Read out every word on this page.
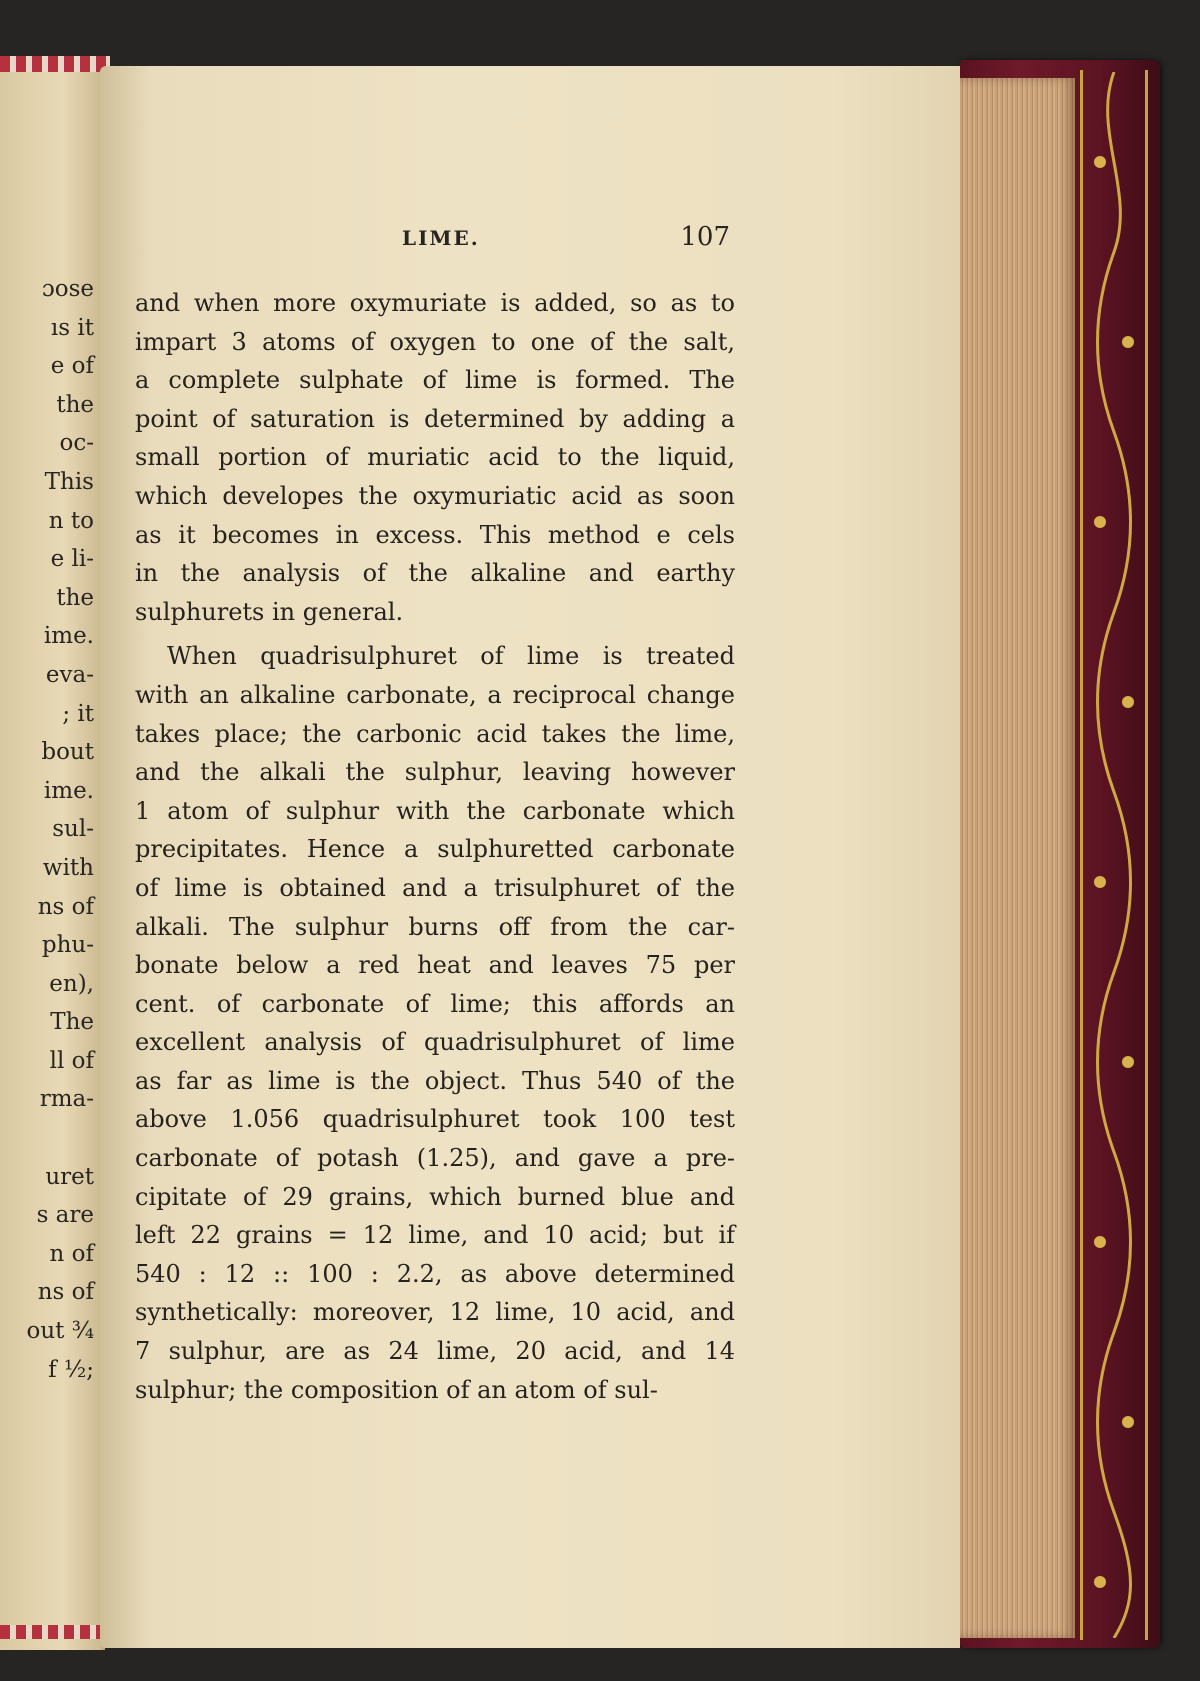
ɔose
ıs it
e of
the
oc-
This
n to
e li-
the
ime.
eva-
; it
bout
ime.
sul-
with
ns of
phu-
en),
The
ll of
rma-
uret
s are
n of
ns of
out ¾
f ½;
LIME.	107
and when more oxymuriate is added, so as to
impart 3 atoms of oxygen to one of the salt,
a complete sulphate of lime is formed. The
point of saturation is determined by adding a
small portion of muriatic acid to the liquid,
which developes the oxymuriatic acid as soon
as it becomes in excess. This method e cels
in the analysis of the alkaline and earthy
sulphurets in general.
When quadrisulphuret of lime is treated
with an alkaline carbonate, a reciprocal change
takes place; the carbonic acid takes the lime,
and the alkali the sulphur, leaving however
1 atom of sulphur with the carbonate which
precipitates. Hence a sulphuretted carbonate
of lime is obtained and a trisulphuret of the
alkali. The sulphur burns off from the car-
bonate below a red heat and leaves 75 per
cent. of carbonate of lime; this affords an
excellent analysis of quadrisulphuret of lime
as far as lime is the object. Thus 540 of the
above 1.056 quadrisulphuret took 100 test
carbonate of potash (1.25), and gave a pre-
cipitate of 29 grains, which burned blue and
left 22 grains = 12 lime, and 10 acid; but if
540 : 12 :: 100 : 2.2, as above determined
synthetically: moreover, 12 lime, 10 acid, and
7 sulphur, are as 24 lime, 20 acid, and 14
sulphur; the composition of an atom of sul-
